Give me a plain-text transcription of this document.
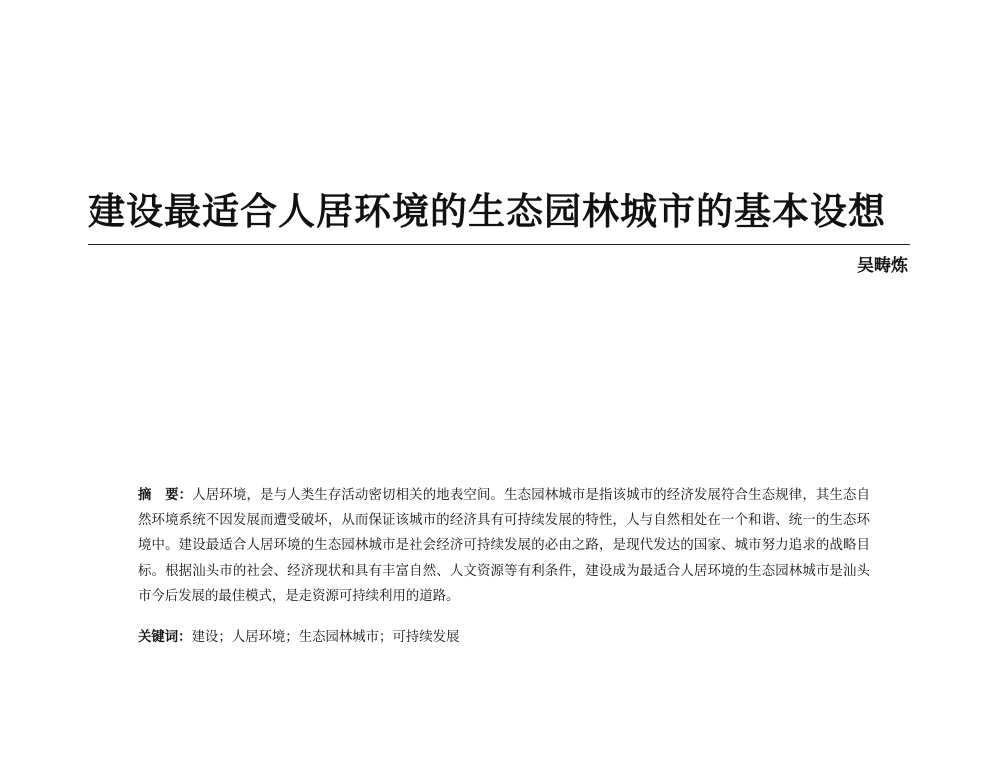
建设最适合人居环境的生态园林城市的基本设想
吴畴炼
摘　要：人居环境，是与人类生存活动密切相关的地表空间。生态园林城市是指该城市的经济发展符合生态规律，其生态自然环境系统不因发展而遭受破坏，从而保证该城市的经济具有可持续发展的特性，人与自然相处在一个和谐、统一的生态环境中。建设最适合人居环境的生态园林城市是社会经济可持续发展的必由之路，是现代发达的国家、城市努力追求的战略目标。根据汕头市的社会、经济现状和具有丰富自然、人文资源等有利条件，建设成为最适合人居环境的生态园林城市是汕头市今后发展的最佳模式，是走资源可持续利用的道路。
关键词：建设；人居环境；生态园林城市；可持续发展
